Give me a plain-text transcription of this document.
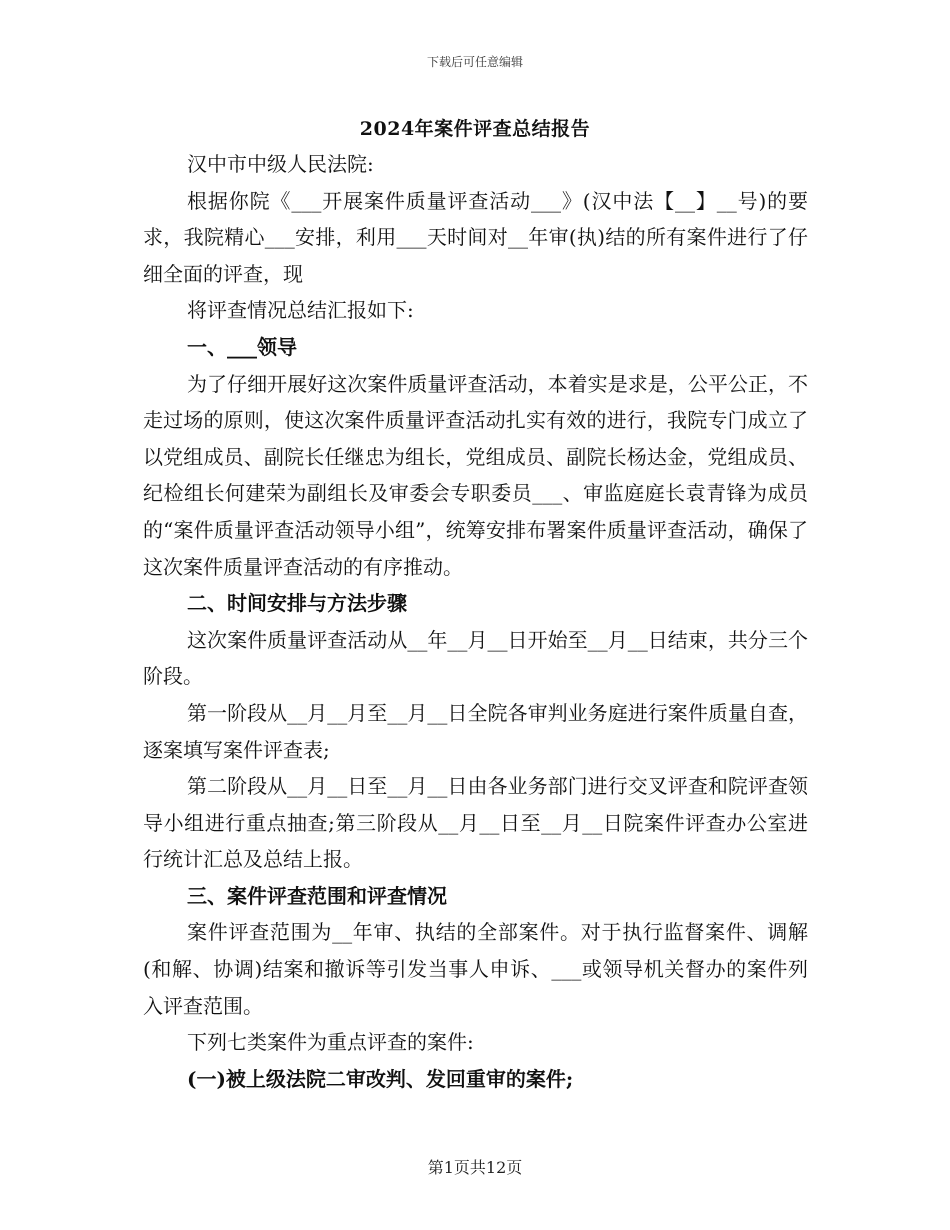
下载后可任意编辑
2024年案件评查总结报告

汉中市中级人民法院:

根据你院《___开展案件质量评查活动___》(汉中法【__】__号)的要求，我院精心___安排，利用___天时间对__年审(执)结的所有案件进行了仔细全面的评查，现

将评查情况总结汇报如下:

一、___领导

为了仔细开展好这次案件质量评查活动，本着实是求是，公平公正，不走过场的原则，使这次案件质量评查活动扎实有效的进行，我院专门成立了以党组成员、副院长任继忠为组长，党组成员、副院长杨达金，党组成员、纪检组长何建荣为副组长及审委会专职委员___、审监庭庭长袁青锋为成员的“案件质量评查活动领导小组”，统筹安排布署案件质量评查活动，确保了这次案件质量评查活动的有序推动。

二、时间安排与方法步骤

这次案件质量评查活动从__年__月__日开始至__月__日结束，共分三个阶段。

第一阶段从__月__月至__月__日全院各审判业务庭进行案件质量自查，逐案填写案件评查表;

第二阶段从__月__日至__月__日由各业务部门进行交叉评查和院评查领导小组进行重点抽查;第三阶段从__月__日至__月__日院案件评查办公室进行统计汇总及总结上报。

三、案件评查范围和评查情况

案件评查范围为__年审、执结的全部案件。对于执行监督案件、调解(和解、协调)结案和撤诉等引发当事人申诉、___或领导机关督办的案件列入评查范围。

下列七类案件为重点评查的案件:

(一)被上级法院二审改判、发回重审的案件;

第1页共12页
